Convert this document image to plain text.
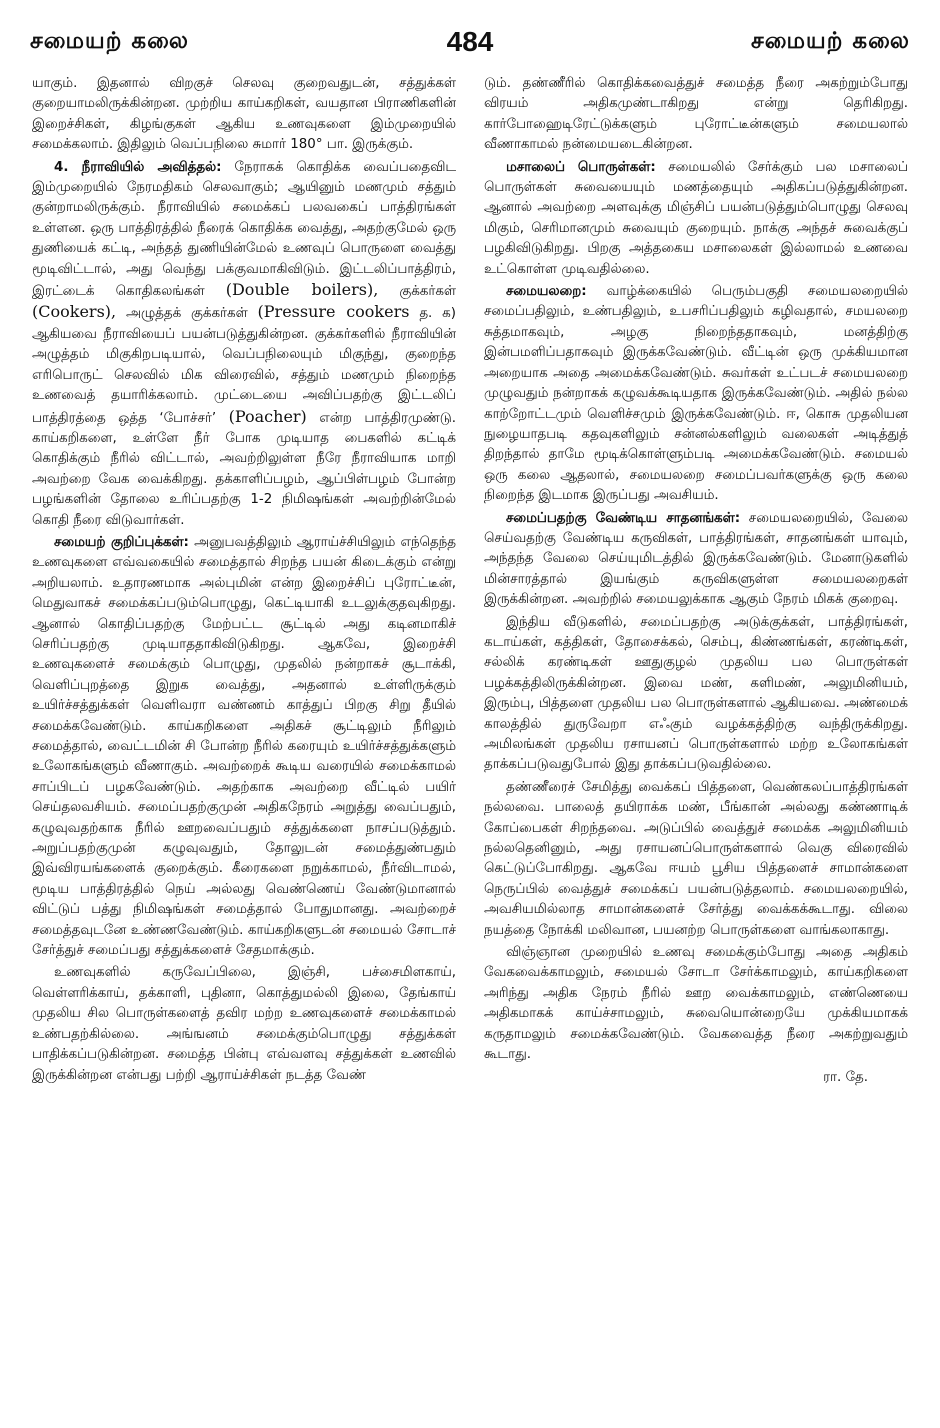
சமையற் கலை	484	சமையற் கலை

யாகும். இதனால் விறகுச் செலவு குறைவதுடன், சத்துக்கள் குறையாமலிருக்கின்றன. முற்றிய காய்கறிகள், வயதான பிராணிகளின் இறைச்சிகள், கிழங்குகள் ஆகிய உணவுகளை இம்முறையில் சமைக்கலாம். இதிலும் வெப்பநிலை சுமார் 180° பா. இருக்கும்.

4. நீராவியில் அவித்தல்: நேராகக் கொதிக்க வைப்பதைவிட இம்முறையில் நேரமதிகம் செலவாகும்; ஆயினும் மணமும் சத்தும் குன்றாமலிருக்கும். நீராவியில் சமைக்கப் பலவகைப் பாத்திரங்கள் உள்ளன. ஒரு பாத்திரத்தில் நீரைக் கொதிக்க வைத்து, அதற்குமேல் ஒரு துணியைக் கட்டி, அந்தத் துணியின்மேல் உணவுப் பொருளை வைத்து மூடிவிட்டால், அது வெந்து பக்குவமாகிவிடும். இட்டலிப்பாத்திரம், இரட்டைக் கொதிகலங்கள் (Double boilers), குக்கர்கள் (Cookers), அழுத்தக் குக்கர்கள் (Pressure cookers த. க) ஆகியவை நீராவியைப் பயன்படுத்துகின்றன. குக்கர்களில் நீராவியின் அழுத்தம் மிகுகிறபடியால், வெப்பநிலையும் மிகுந்து, குறைந்த எரிபொருட் செலவில் மிக விரைவில், சத்தும் மணமும் நிறைந்த உணவைத் தயாரிக்கலாம். முட்டையை அவிப்பதற்கு இட்டலிப் பாத்திரத்தை ஒத்த ‘போச்சர்’ (Poacher) என்ற பாத்திரமுண்டு. காய்கறிகளை, உள்ளே நீர் போக முடியாத பைகளில் கட்டிக் கொதிக்கும் நீரில் விட்டால், அவற்றிலுள்ள நீரே நீராவியாக மாறி அவற்றை வேக வைக்கிறது. தக்காளிப்பழம், ஆப்பிள்பழம் போன்ற பழங்களின் தோலை உரிப்பதற்கு 1-2 நிமிஷங்கள் அவற்றின்மேல் கொதி நீரை விடுவார்கள்.

சமையற் குறிப்புக்கள்: அனுபவத்திலும் ஆராய்ச்சியிலும் எந்தெந்த உணவுகளை எவ்வகையில் சமைத்தால் சிறந்த பயன் கிடைக்கும் என்று அறியலாம். உதாரணமாக அல்புமின் என்ற இறைச்சிப் புரோட்டீன், மெதுவாகச் சமைக்கப்படும்பொழுது, கெட்டியாகி உடலுக்குதவுகிறது. ஆனால் கொதிப்பதற்கு மேற்பட்ட சூட்டில் அது கடினமாகிச் செரிப்பதற்கு முடியாததாகிவிடுகிறது. ஆகவே, இறைச்சி உணவுகளைச் சமைக்கும் பொழுது, முதலில் நன்றாகச் சூடாக்கி, வெளிப்புறத்தை இறுக வைத்து, அதனால் உள்ளிருக்கும் உயிர்ச்சத்துக்கள் வெளிவரா வண்ணம் காத்துப் பிறகு சிறு தீயில் சமைக்கவேண்டும். காய்கறிகளை அதிகச் சூட்டிலும் நீரிலும் சமைத்தால், வைட்டமின் சி போன்ற நீரில் கரையும் உயிர்ச்சத்துக்களும் உலோகங்களும் வீணாகும். அவற்றைக் கூடிய வரையில் சமைக்காமல் சாப்பிடப் பழகவேண்டும். அதற்காக அவற்றை வீட்டில் பயிர் செய்தலவசியம். சமைப்பதற்குமுன் அதிகநேரம் அறுத்து வைப்பதும், கழுவுவதற்காக நீரில் ஊறவைப்பதும் சத்துக்களை நாசப்படுத்தும். அறுப்பதற்குமுன் கழுவுவதும், தோலுடன் சமைத்துண்பதும் இவ்விரயங்களைக் குறைக்கும். கீரைகளை நறுக்காமல், நீர்விடாமல், மூடிய பாத்திரத்தில் நெய் அல்லது வெண்ணெய் வேண்டுமானால் விட்டுப் பத்து நிமிஷங்கள் சமைத்தால் போதுமானது. அவற்றைச் சமைத்தவுடனே உண்ணவேண்டும். காய்கறிகளுடன் சமையல் சோடாச் சேர்த்துச் சமைப்பது சத்துக்களைச் சேதமாக்கும்.

உணவுகளில் கருவேப்பிலை, இஞ்சி, பச்சைமிளகாய், வெள்ளரிக்காய், தக்காளி, புதினா, கொத்துமல்லி இலை, தேங்காய் முதலிய சில பொருள்களைத் தவிர மற்ற உணவுகளைச் சமைக்காமல் உண்பதற்கில்லை. அங்ஙனம் சமைக்கும்பொழுது சத்துக்கள் பாதிக்கப்படுகின்றன. சமைத்த பின்பு எவ்வளவு சத்துக்கள் உணவில் இருக்கின்றன என்பது பற்றி ஆராய்ச்சிகள் நடத்த வேண்

டும். தண்ணீரில் கொதிக்கவைத்துச் சமைத்த நீரை அகற்றும்போது விரயம் அதிகமுண்டாகிறது என்று தெரிகிறது. கார்போஹைடிரேட்டுக்களும் புரோட்டீன்களும் சமையலால் வீணாகாமல் நன்மையடைகின்றன.

மசாலைப் பொருள்கள்: சமையலில் சேர்க்கும் பல மசாலைப் பொருள்கள் சுவையையும் மணத்தையும் அதிகப்படுத்துகின்றன. ஆனால் அவற்றை அளவுக்கு மிஞ்சிப் பயன்படுத்தும்பொழுது செலவு மிகும், செரிமானமும் சுவையும் குறையும். நாக்கு அந்தச் சுவைக்குப் பழகிவிடுகிறது. பிறகு அத்தகைய மசாலைகள் இல்லாமல் உணவை உட்கொள்ள முடிவதில்லை.

சமையலறை: வாழ்க்கையில் பெரும்பகுதி சமையலறையில் சமைப்பதிலும், உண்பதிலும், உபசரிப்பதிலும் கழிவதால், சமயலறை சுத்தமாகவும், அழகு நிறைந்ததாகவும், மனத்திற்கு இன்பமளிப்பதாகவும் இருக்கவேண்டும். வீட்டின் ஒரு முக்கியமான அறையாக அதை அமைக்கவேண்டும். சுவர்கள் உட்படச் சமையலறை முழுவதும் நன்றாகக் கழுவக்கூடியதாக இருக்கவேண்டும். அதில் நல்ல காற்றோட்டமும் வெளிச்சமும் இருக்கவேண்டும். ஈ, கொசு முதலியன நுழையாதபடி கதவுகளிலும் சன்னல்களிலும் வலைகள் அடித்துத் திறந்தால் தாமே மூடிக்கொள்ளும்படி அமைக்கவேண்டும். சமையல் ஒரு கலை ஆதலால், சமையலறை சமைப்பவர்களுக்கு ஒரு கலை நிறைந்த இடமாக இருப்பது அவசியம்.

சமைப்பதற்கு வேண்டிய சாதனங்கள்: சமையலறையில், வேலை செய்வதற்கு வேண்டிய கருவிகள், பாத்திரங்கள், சாதனங்கள் யாவும், அந்தந்த வேலை செய்யுமிடத்தில் இருக்கவேண்டும். மேனாடுகளில் மின்சாரத்தால் இயங்கும் கருவிகளுள்ள சமையலறைகள் இருக்கின்றன. அவற்றில் சமையலுக்காக ஆகும் நேரம் மிகக் குறைவு.

இந்திய வீடுகளில், சமைப்பதற்கு அடுக்குக்கள், பாத்திரங்கள், கடாய்கள், கத்திகள், தோசைக்கல், செம்பு, கிண்ணங்கள், கரண்டிகள், சல்லிக் கரண்டிகள் ஊதுகுழல் முதலிய பல பொருள்கள் பழக்கத்திலிருக்கின்றன. இவை மண், களிமண், அலுமினியம், இரும்பு, பித்தளை முதலிய பல பொருள்களால் ஆகியவை. அண்மைக் காலத்தில் துருவேறா எஃகும் வழக்கத்திற்கு வந்திருக்கிறது. அமிலங்கள் முதலிய ரசாயனப் பொருள்களால் மற்ற உலோகங்கள் தாக்கப்படுவதுபோல் இது தாக்கப்படுவதில்லை.

தண்ணீரைச் சேமித்து வைக்கப் பித்தளை, வெண்கலப்பாத்திரங்கள் நல்லவை. பாலைத் தயிராக்க மண், பீங்கான் அல்லது கண்ணாடிக் கோப்பைகள் சிறந்தவை. அடுப்பில் வைத்துச் சமைக்க அலுமினியம் நல்லதெனினும், அது ரசாயனப்பொருள்களால் வெகு விரைவில் கெட்டுப்போகிறது. ஆகவே ஈயம் பூசிய பித்தளைச் சாமான்களை நெருப்பில் வைத்துச் சமைக்கப் பயன்படுத்தலாம். சமையலறையில், அவசியமில்லாத சாமான்களைச் சேர்த்து வைக்கக்கூடாது. விலை நயத்தை நோக்கி மலிவான, பயனற்ற பொருள்களை வாங்கலாகாது.

விஞ்ஞான முறையில் உணவு சமைக்கும்போது அதை அதிகம் வேகவைக்காமலும், சமையல் சோடா சேர்க்காமலும், காய்கறிகளை அரிந்து அதிக நேரம் நீரில் ஊற வைக்காமலும், எண்ணெயை அதிகமாகக் காய்ச்சாமலும், சுவையொன்றையே முக்கியமாகக் கருதாமலும் சமைக்கவேண்டும். வேகவைத்த நீரை அகற்றுவதும் கூடாது.

ரா. தே.
